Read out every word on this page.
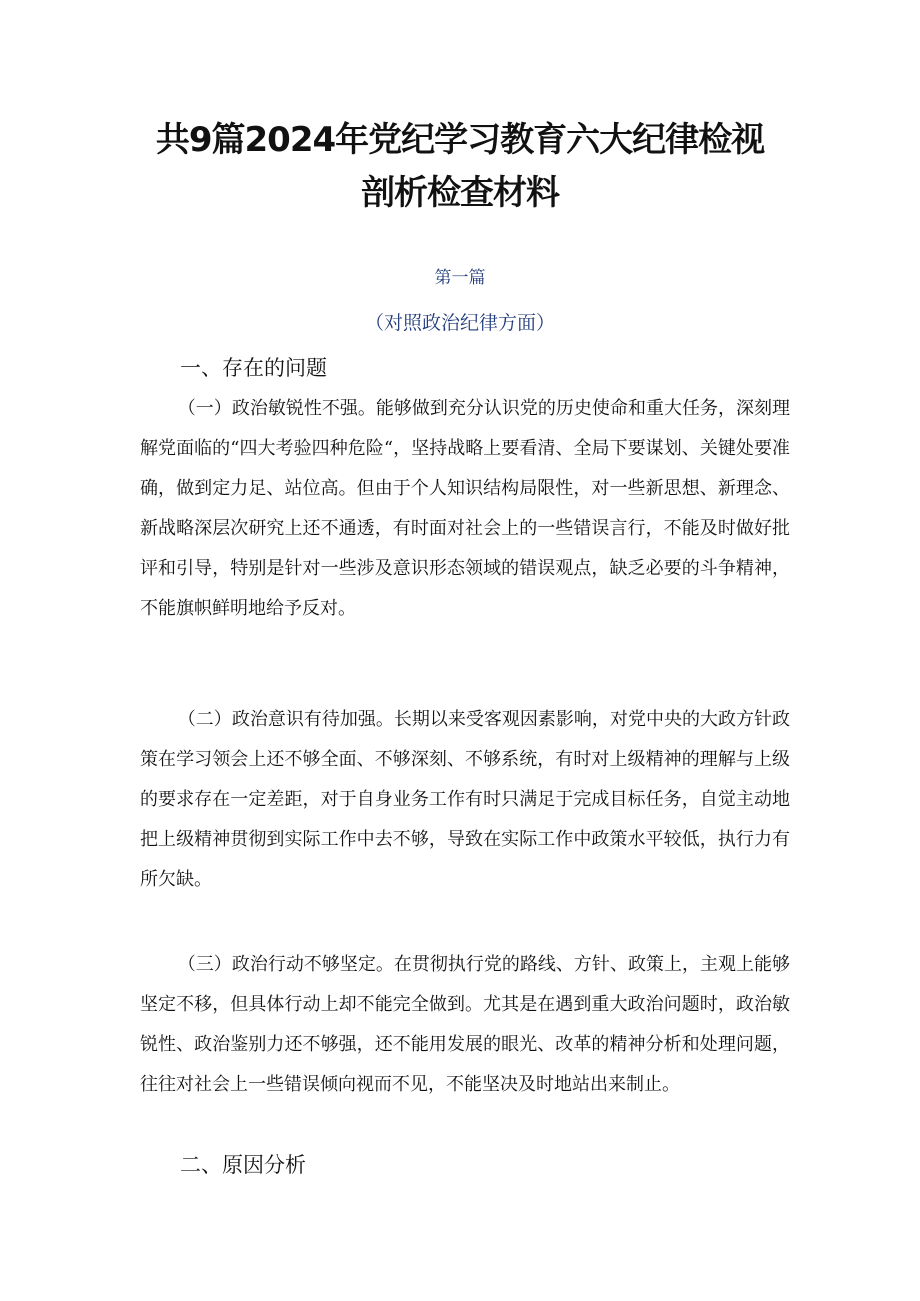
共9篇2024年党纪学习教育六大纪律检视
剖析检查材料
第一篇
（对照政治纪律方面）
一、存在的问题

（一）政治敏锐性不强。能够做到充分认识党的历史使命和重大任务，深刻理解党面临的“四大考验四种危险“，坚持战略上要看清、全局下要谋划、关键处要准确，做到定力足、站位高。但由于个人知识结构局限性，对一些新思想、新理念、新战略深层次研究上还不通透，有时面对社会上的一些错误言行，不能及时做好批评和引导，特别是针对一些涉及意识形态领域的错误观点，缺乏必要的斗争精神，不能旗帜鲜明地给予反对。

（二）政治意识有待加强。长期以来受客观因素影响，对党中央的大政方针政策在学习领会上还不够全面、不够深刻、不够系统，有时对上级精神的理解与上级的要求存在一定差距，对于自身业务工作有时只满足于完成目标任务，自觉主动地把上级精神贯彻到实际工作中去不够，导致在实际工作中政策水平较低，执行力有所欠缺。

（三）政治行动不够坚定。在贯彻执行党的路线、方针、政策上，主观上能够坚定不移，但具体行动上却不能完全做到。尤其是在遇到重大政治问题时，政治敏锐性、政治鉴别力还不够强，还不能用发展的眼光、改革的精神分析和处理问题，往往对社会上一些错误倾向视而不见，不能坚决及时地站出来制止。

二、原因分析
